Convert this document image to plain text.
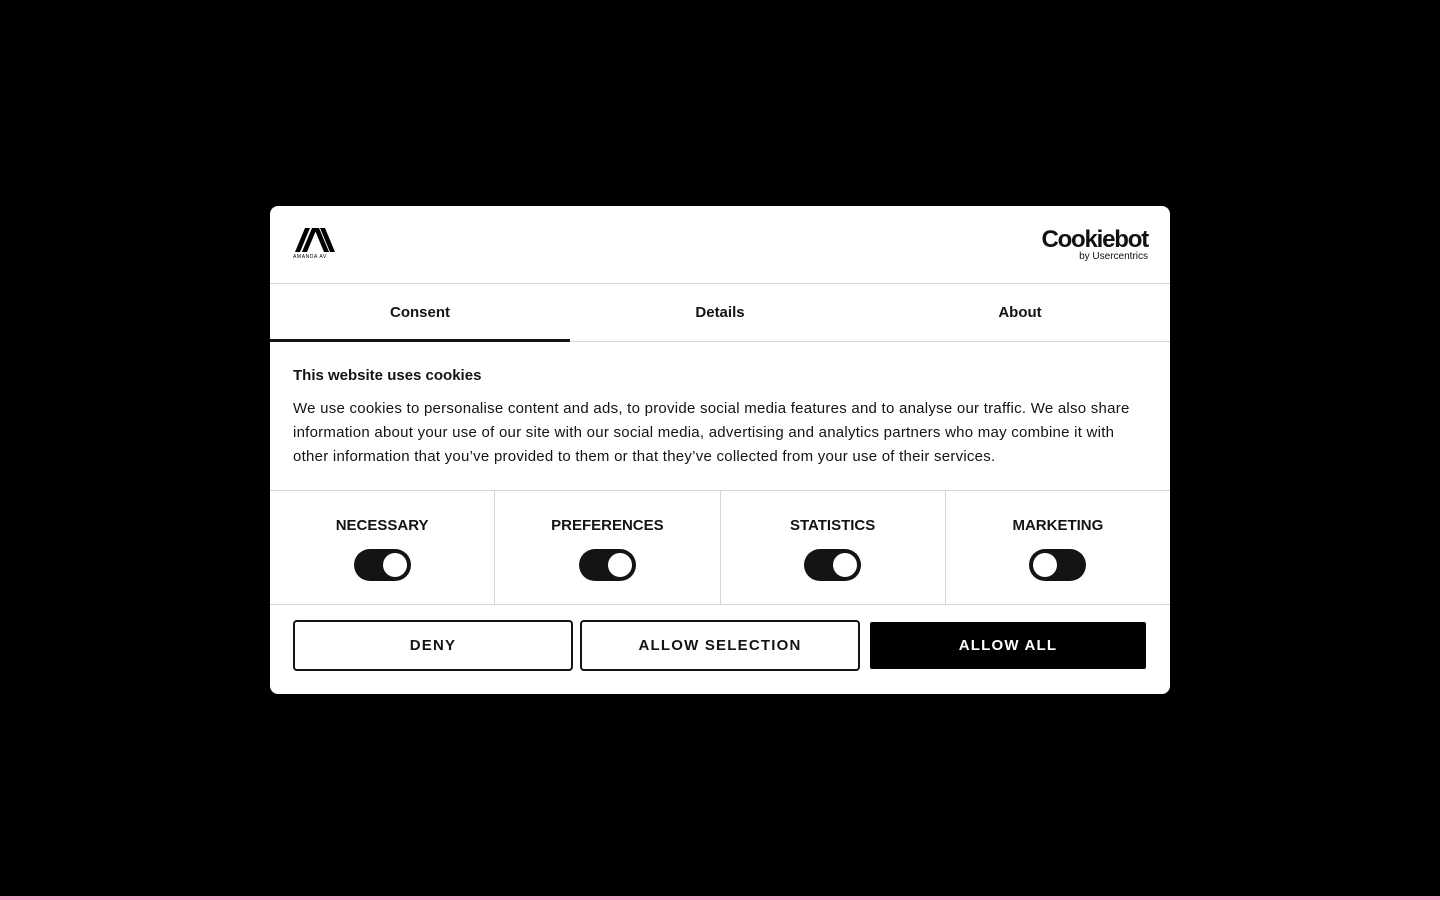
AMANDA AV
Cookiebot
by Usercentrics
Consent	Details	About
This website uses cookies

We use cookies to personalise content and ads, to provide social media features and to analyse our traffic. We also share information about your use of our site with our social media, advertising and analytics partners who may combine it with other information that you’ve provided to them or that they’ve collected from your use of their services.

NECESSARY	PREFERENCES	STATISTICS	MARKETING
DENY	ALLOW SELECTION	ALLOW ALL
